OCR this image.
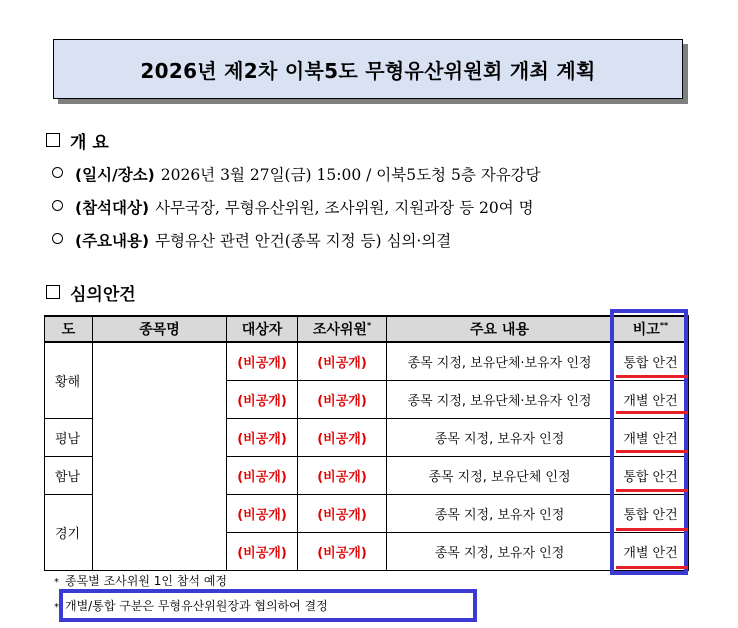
2026년 제2차 이북5도 무형유산위원회 개최 계획
개 요
(일시/장소) 2026년 3월 27일(금) 15:00 / 이북5도청 5층 자유강당
(참석대상) 사무국장, 무형유산위원, 조사위원, 지원과장 등 20여 명
(주요내용) 무형유산 관련 안건(종목 지정 등) 심의·의결
심의안건
도	종목명	대상자	조사위원*	주요 내용	비고**
황해		(비공개)	(비공개)	종목 지정, 보유단체·보유자 인정	통합 안건
		(비공개)	(비공개)	종목 지정, 보유단체·보유자 인정	개별 안건
평남		(비공개)	(비공개)	종목 지정, 보유자 인정	개별 안건
함남		(비공개)	(비공개)	종목 지정, 보유단체 인정	통합 안건
경기		(비공개)	(비공개)	종목 지정, 보유자 인정	통합 안건
		(비공개)	(비공개)	종목 지정, 보유자 인정	개별 안건
* 종목별 조사위원 1인 참석 예정
* 개별/통합 구분은 무형유산위원장과 협의하여 결정
